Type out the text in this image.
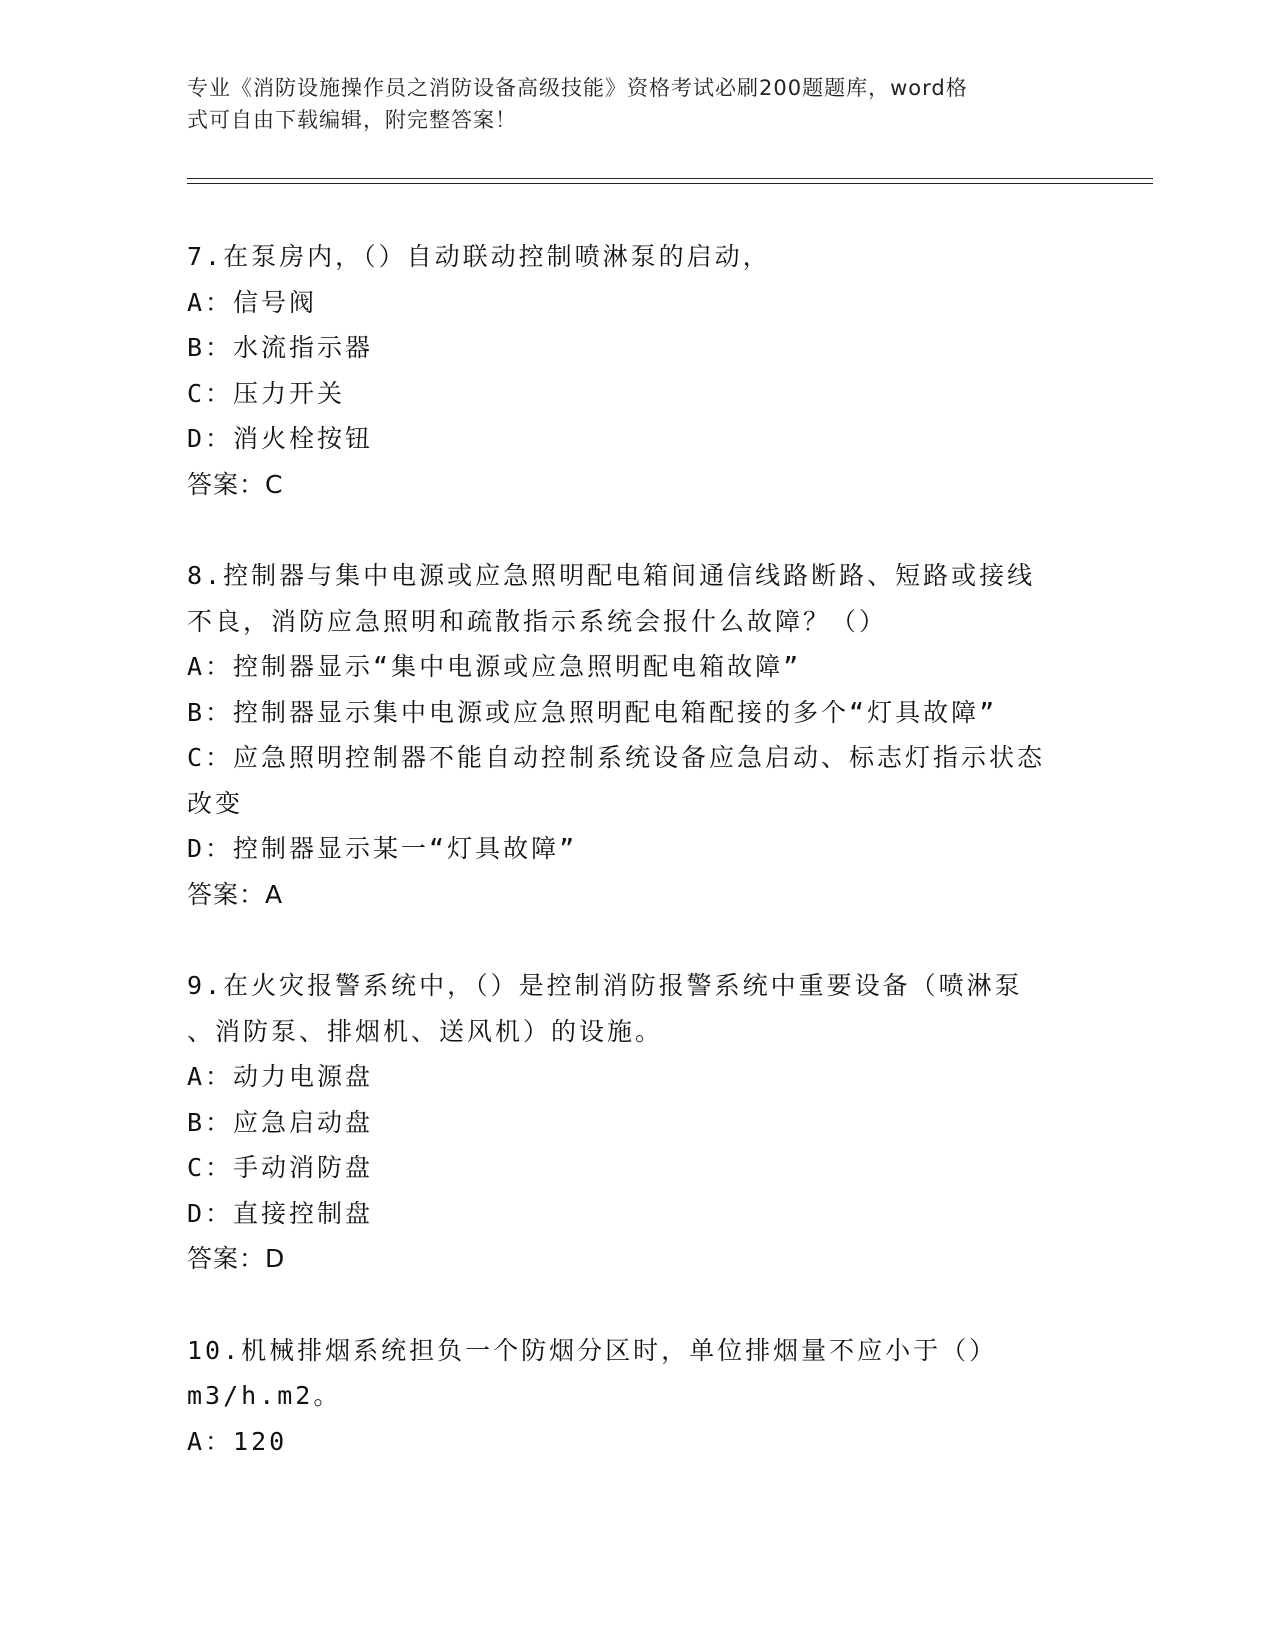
专业《消防设施操作员之消防设备高级技能》资格考试必刷200题题库，word格
式可自由下载编辑，附完整答案！
7.在泵房内，（）自动联动控制喷淋泵的启动，
A：信号阀
B：水流指示器
C：压力开关
D：消火栓按钮
答案：C
8.控制器与集中电源或应急照明配电箱间通信线路断路、短路或接线
不良，消防应急照明和疏散指示系统会报什么故障？（）
A：控制器显示“集中电源或应急照明配电箱故障”
B：控制器显示集中电源或应急照明配电箱配接的多个“灯具故障”
C：应急照明控制器不能自动控制系统设备应急启动、标志灯指示状态
改变
D：控制器显示某一“灯具故障”
答案：A
9.在火灾报警系统中，（）是控制消防报警系统中重要设备（喷淋泵
、消防泵、排烟机、送风机）的设施。
A：动力电源盘
B：应急启动盘
C：手动消防盘
D：直接控制盘
答案：D
10.机械排烟系统担负一个防烟分区时，单位排烟量不应小于（）
m3/h.m2。
A：120
